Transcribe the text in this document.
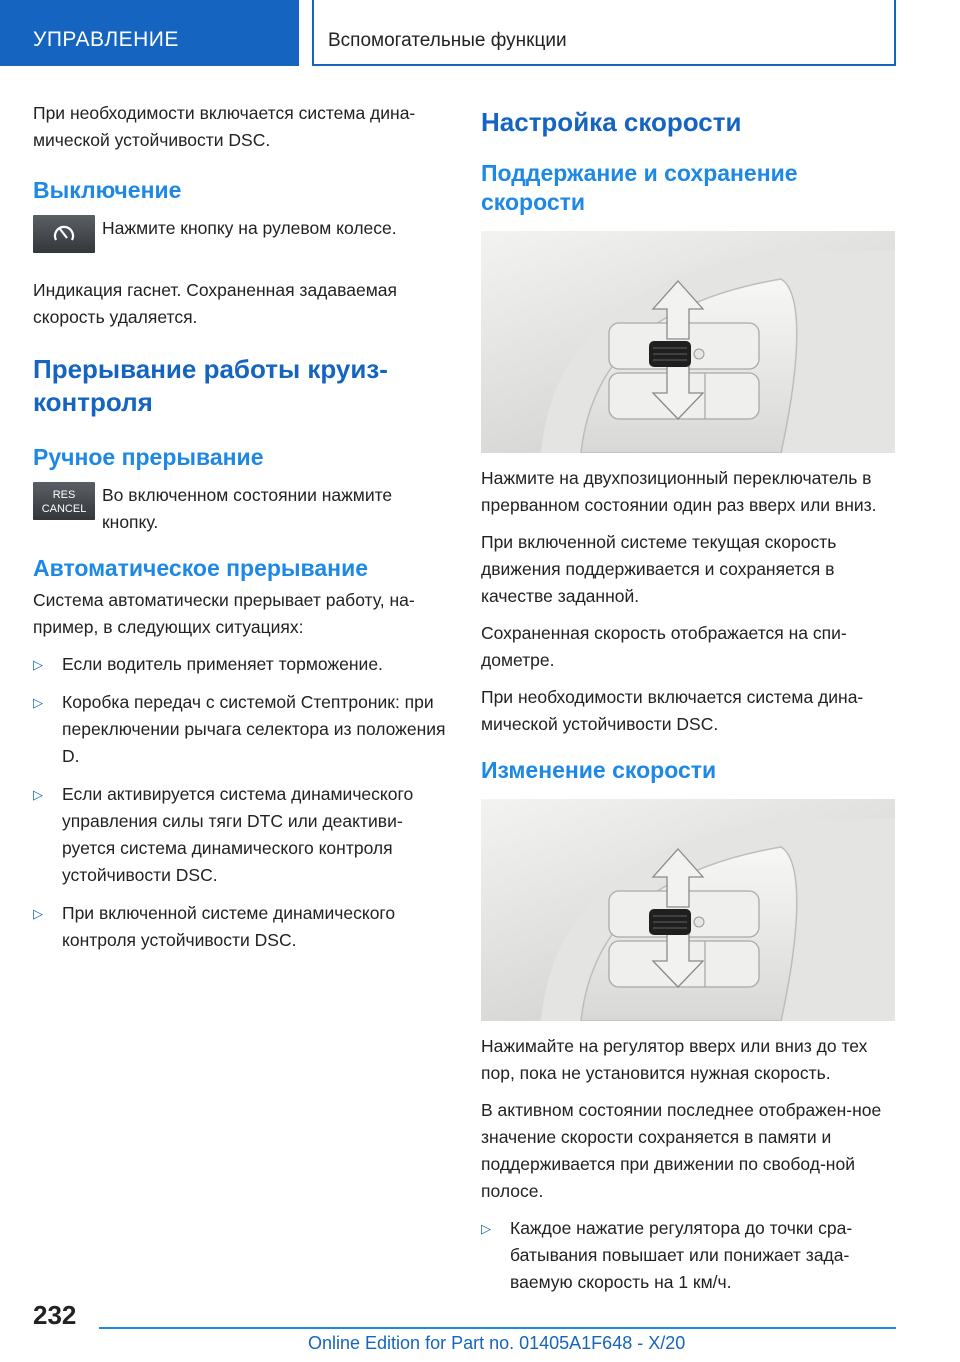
УПРАВЛЕНИЕ	Вспомогательные функции

При необходимости включается система дина-мической устойчивости DSC.

Выключение

Нажмите кнопку на рулевом колесе.

Индикация гаснет. Сохраненная задаваемая скорость удаляется.

Прерывание работы круиз-контроля
Ручное прерывание
RES
CANCEL

Во включенном состоянии нажмите кнопку.

Автоматическое прерывание

Система автоматически прерывает работу, на-пример, в следующих ситуациях:

▷ Если водитель применяет торможение.
▷ Коробка передач с системой Стептроник: при переключении рычага селектора из положения D.
▷ Если активируется система динамического управления силы тяги DTC или деактиви-руется система динамического контроля устойчивости DSC.
▷ При включенной системе динамического контроля устойчивости DSC.
Настройка скорости
Поддержание и сохранение скорости

Нажмите на двухпозиционный переключатель в прерванном состоянии один раз вверх или вниз.

При включенной системе текущая скорость движения поддерживается и сохраняется в качестве заданной.

Сохраненная скорость отображается на спи-дометре.

При необходимости включается система дина-мической устойчивости DSC.

Изменение скорости

Нажимайте на регулятор вверх или вниз до тех пор, пока не установится нужная скорость.

В активном состоянии последнее отображен-ное значение скорости сохраняется в памяти и поддерживается при движении по свобод-ной полосе.

▷ Каждое нажатие регулятора до точки сра-батывания повышает или понижает зада-ваемую скорость на 1 км/ч.
232
Online Edition for Part no. 01405A1F648 - X/20
